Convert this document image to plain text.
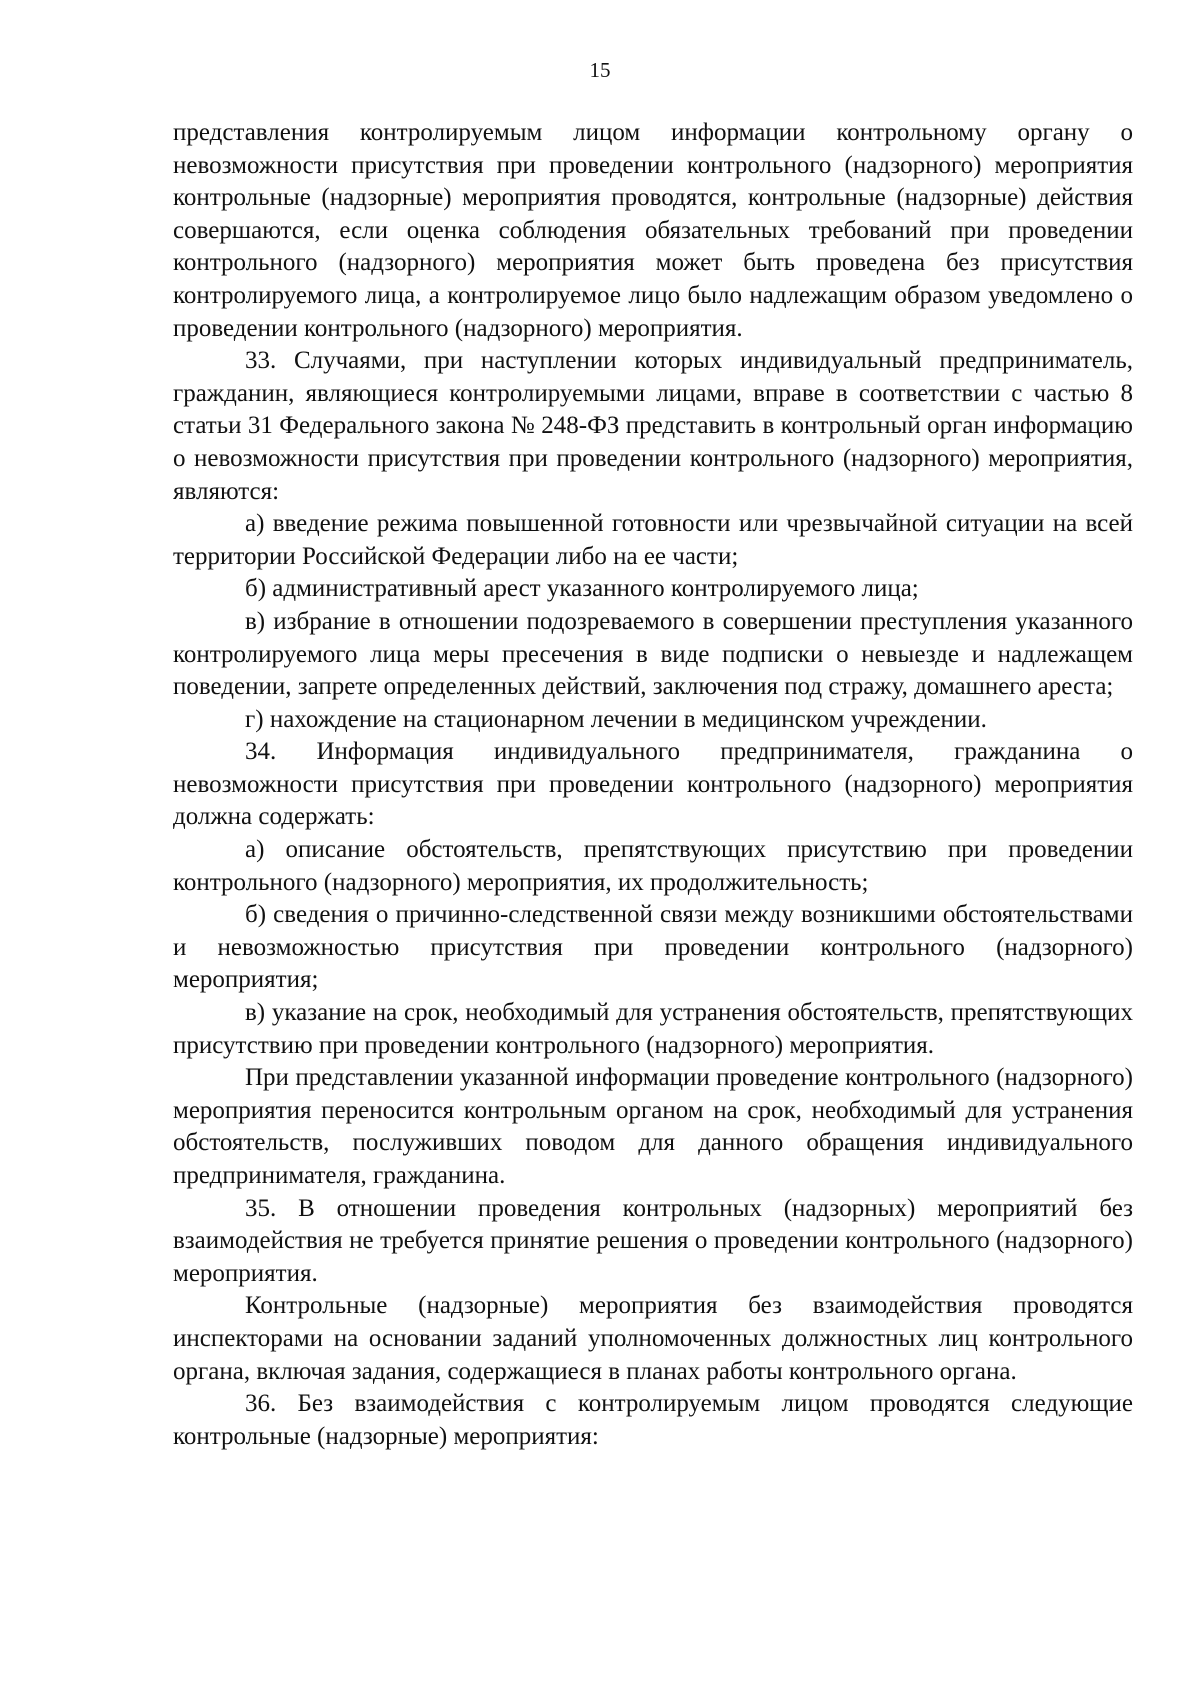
15

представления контролируемым лицом информации контрольному органу о невозможности присутствия при проведении контрольного (надзорного) мероприятия контрольные (надзорные) мероприятия проводятся, контрольные (надзорные) действия совершаются, если оценка соблюдения обязательных требований при проведении контрольного (надзорного) мероприятия может быть проведена без присутствия контролируемого лица, а контролируемое лицо было надлежащим образом уведомлено о проведении контрольного (надзорного) мероприятия.

33. Случаями, при наступлении которых индивидуальный предприниматель, гражданин, являющиеся контролируемыми лицами, вправе в соответствии с частью 8 статьи 31 Федерального закона № 248-ФЗ представить в контрольный орган информацию о невозможности присутствия при проведении контрольного (надзорного) мероприятия, являются:

а) введение режима повышенной готовности или чрезвычайной ситуации на всей территории Российской Федерации либо на ее части;

б) административный арест указанного контролируемого лица;

в) избрание в отношении подозреваемого в совершении преступления указанного контролируемого лица меры пресечения в виде подписки о невыезде и надлежащем поведении, запрете определенных действий, заключения под стражу, домашнего ареста;

г) нахождение на стационарном лечении в медицинском учреждении.

34. Информация индивидуального предпринимателя, гражданина о невозможности присутствия при проведении контрольного (надзорного) мероприятия должна содержать:

а) описание обстоятельств, препятствующих присутствию при проведении контрольного (надзорного) мероприятия, их продолжительность;

б) сведения о причинно-следственной связи между возникшими обстоятельствами и невозможностью присутствия при проведении контрольного (надзорного) мероприятия;

в) указание на срок, необходимый для устранения обстоятельств, препятствующих присутствию при проведении контрольного (надзорного) мероприятия.

При представлении указанной информации проведение контрольного (надзорного) мероприятия переносится контрольным органом на срок, необходимый для устранения обстоятельств, послуживших поводом для данного обращения индивидуального предпринимателя, гражданина.

35. В отношении проведения контрольных (надзорных) мероприятий без взаимодействия не требуется принятие решения о проведении контрольного (надзорного) мероприятия.

Контрольные (надзорные) мероприятия без взаимодействия проводятся инспекторами на основании заданий уполномоченных должностных лиц контрольного органа, включая задания, содержащиеся в планах работы контрольного органа.

36. Без взаимодействия с контролируемым лицом проводятся следующие контрольные (надзорные) мероприятия:
